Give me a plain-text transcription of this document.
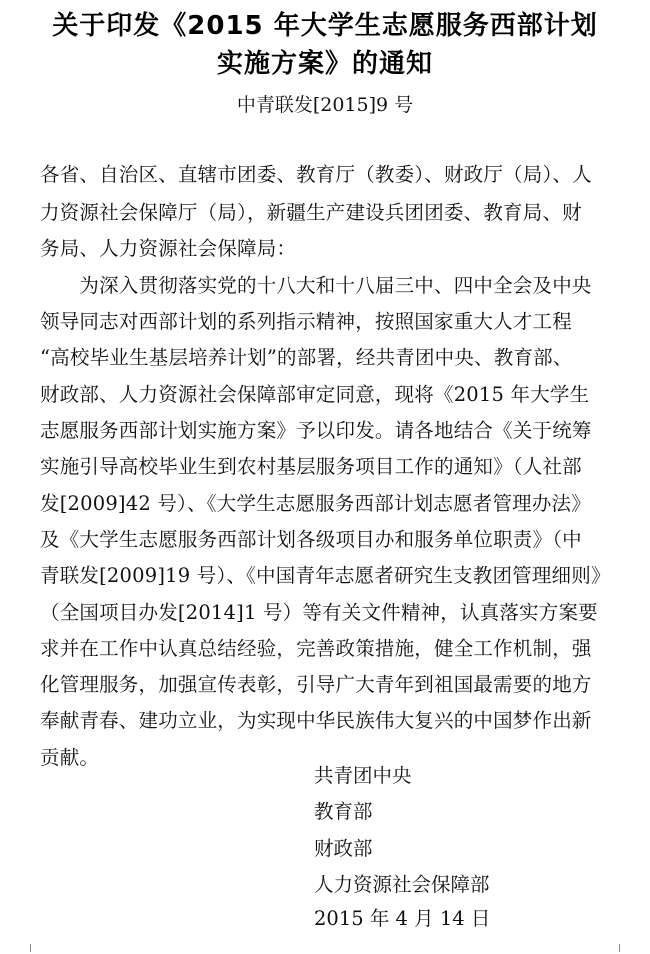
关于印发《2015 年大学生志愿服务西部计划
实施方案》的通知
中青联发[2015]9 号
各省、自治区、直辖市团委、教育厅（教委）、财政厅（局）、人
力资源社会保障厅（局），新疆生产建设兵团团委、教育局、财
务局、人力资源社会保障局：
　　为深入贯彻落实党的十八大和十八届三中、四中全会及中央
领导同志对西部计划的系列指示精神，按照国家重大人才工程
“高校毕业生基层培养计划”的部署，经共青团中央、教育部、
财政部、人力资源社会保障部审定同意，现将《2015 年大学生
志愿服务西部计划实施方案》予以印发。请各地结合《关于统筹
实施引导高校毕业生到农村基层服务项目工作的通知》（人社部
发[2009]42 号）、《大学生志愿服务西部计划志愿者管理办法》
及《大学生志愿服务西部计划各级项目办和服务单位职责》（中
青联发[2009]19 号）、《中国青年志愿者研究生支教团管理细则》
（全国项目办发[2014]1 号）等有关文件精神，认真落实方案要
求并在工作中认真总结经验，完善政策措施，健全工作机制，强
化管理服务，加强宣传表彰，引导广大青年到祖国最需要的地方
奉献青春、建功立业，为实现中华民族伟大复兴的中国梦作出新
贡献。
共青团中央
教育部
财政部
人力资源社会保障部
2015 年 4 月 14 日
